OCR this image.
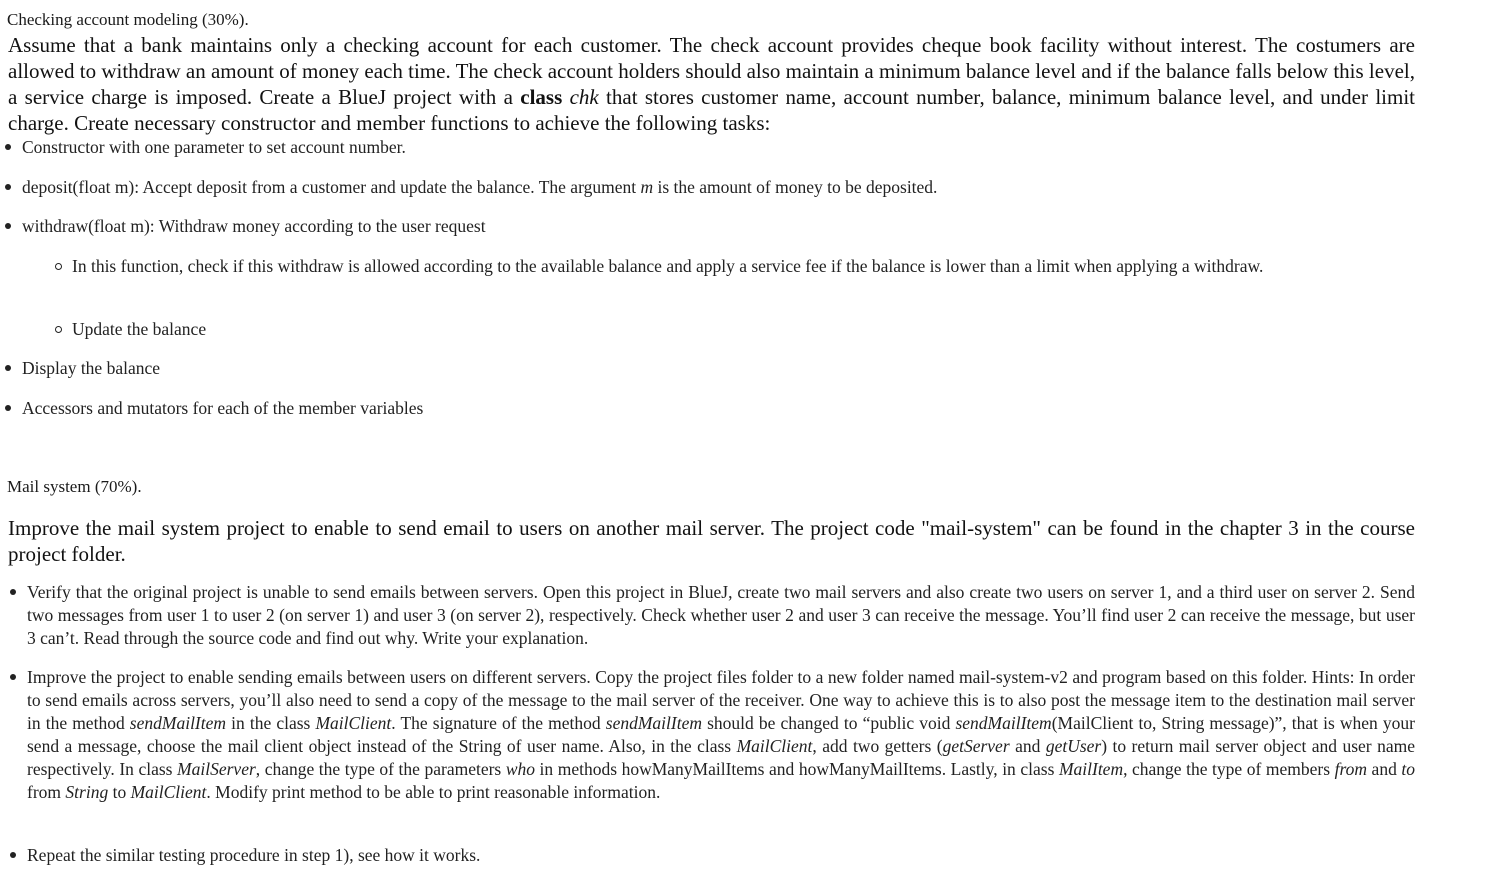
Checking account modeling (30%).
Assume that a bank maintains only a checking account for each customer. The check account provides cheque book facility without interest. The costumers are allowed to withdraw an amount of money each time. The check account holders should also maintain a minimum balance level and if the balance falls below this level, a service charge is imposed. Create a BlueJ project with a class chk that stores customer name, account number, balance, minimum balance level, and under limit charge. Create necessary constructor and member functions to achieve the following tasks:
Constructor with one parameter to set account number.
deposit(float m): Accept deposit from a customer and update the balance. The argument m is the amount of money to be deposited.
withdraw(float m): Withdraw money according to the user request
In this function, check if this withdraw is allowed according to the available balance and apply a service fee if the balance is lower than a limit when applying a withdraw.
Update the balance
Display the balance
Accessors and mutators for each of the member variables
Mail system (70%).
Improve the mail system project to enable to send email to users on another mail server. The project code "mail-system" can be found in the chapter 3 in the course project folder.
Verify that the original project is unable to send emails between servers. Open this project in BlueJ, create two mail servers and also create two users on server 1, and a third user on server 2. Send two messages from user 1 to user 2 (on server 1) and user 3 (on server 2), respectively. Check whether user 2 and user 3 can receive the message. You’ll find user 2 can receive the message, but user 3 can’t. Read through the source code and find out why. Write your explanation.
Improve the project to enable sending emails between users on different servers. Copy the project files folder to a new folder named mail-system-v2 and program based on this folder. Hints: In order to send emails across servers, you’ll also need to send a copy of the message to the mail server of the receiver. One way to achieve this is to also post the message item to the destination mail server in the method sendMailItem in the class MailClient. The signature of the method sendMailItem should be changed to “public void sendMailItem(MailClient to, String message)”, that is when your send a message, choose the mail client object instead of the String of user name. Also, in the class MailClient, add two getters (getServer and getUser) to return mail server object and user name respectively. In class MailServer, change the type of the parameters who in methods howManyMailItems and howManyMailItems. Lastly, in class MailItem, change the type of members from and to from String to MailClient. Modify print method to be able to print reasonable information.
Repeat the similar testing procedure in step 1), see how it works.
